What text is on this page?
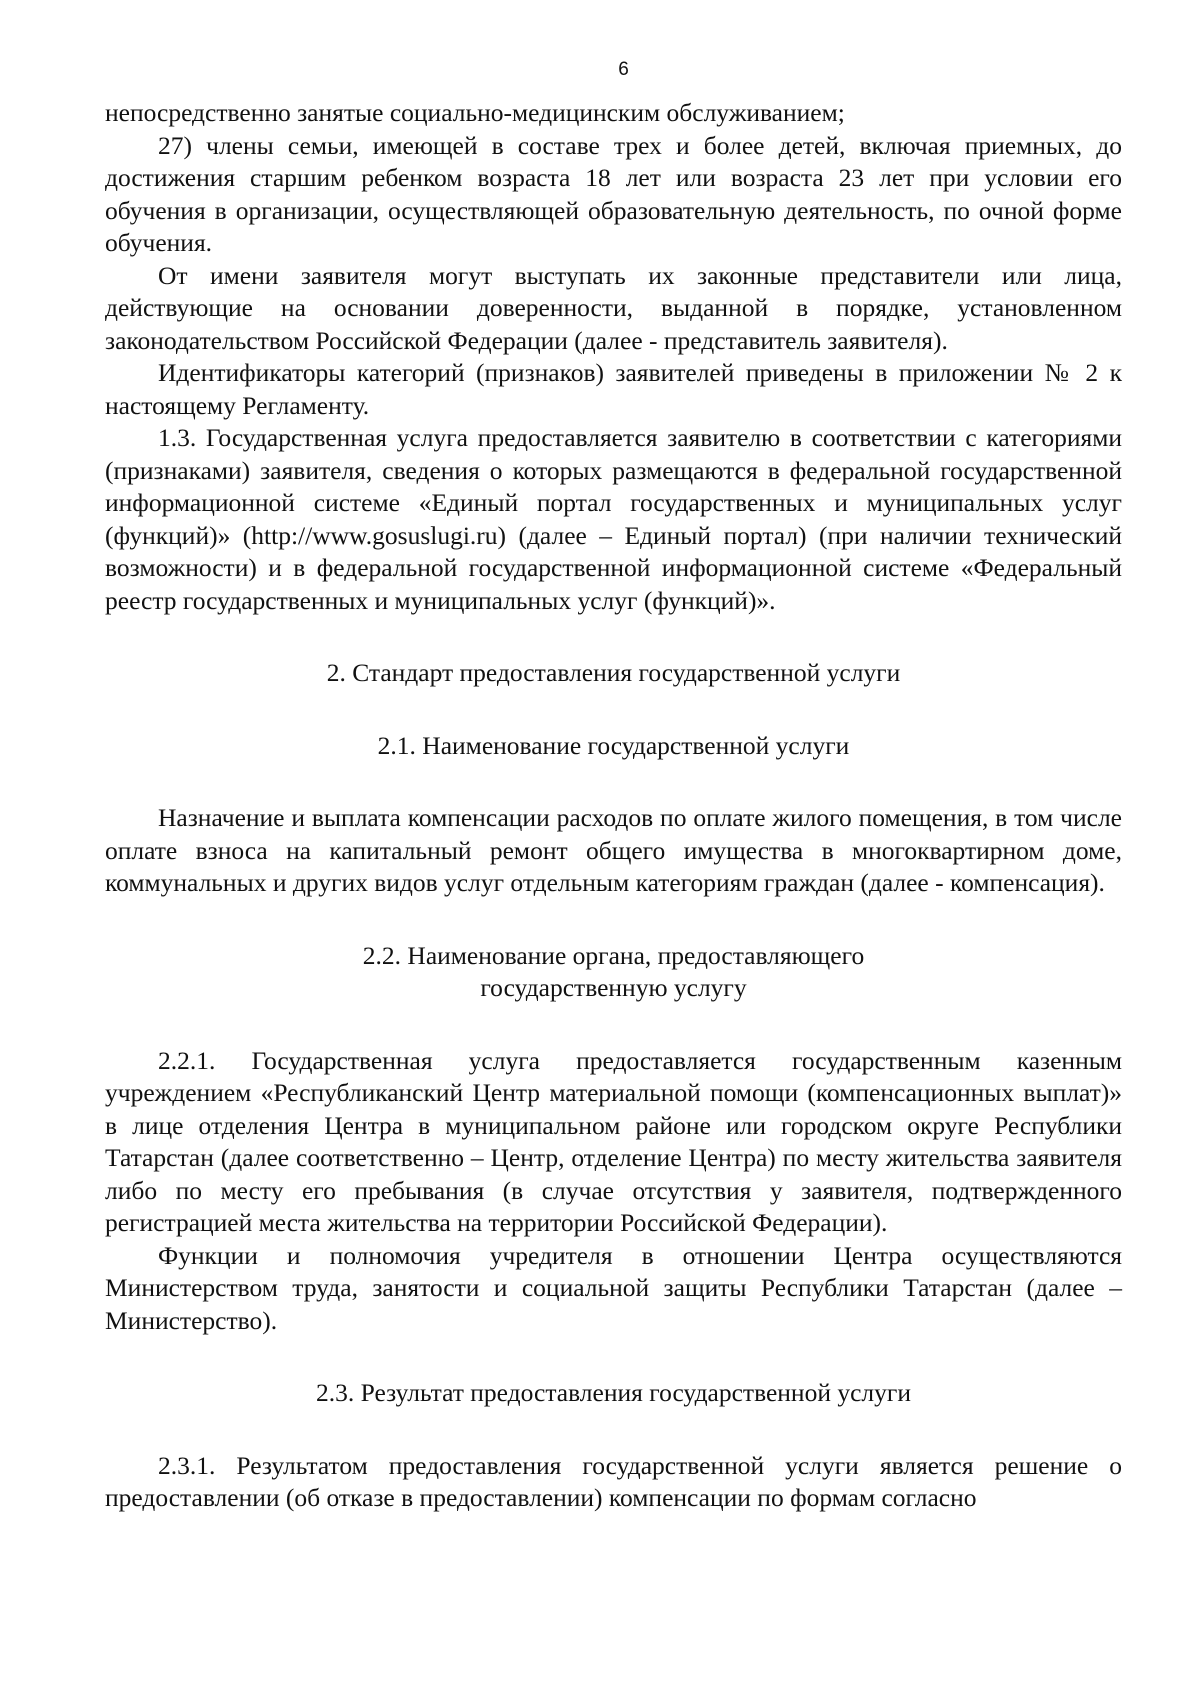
6

непосредственно занятые социально-медицинским обслуживанием;

27) члены семьи, имеющей в составе трех и более детей, включая приемных, до достижения старшим ребенком возраста 18 лет или возраста 23 лет при условии его обучения в организации, осуществляющей образовательную деятельность, по очной форме обучения.

От имени заявителя могут выступать их законные представители или лица, действующие на основании доверенности, выданной в порядке, установленном законодательством Российской Федерации (далее - представитель заявителя).

Идентификаторы категорий (признаков) заявителей приведены в приложении № 2 к настоящему Регламенту.

1.3. Государственная услуга предоставляется заявителю в соответствии с категориями (признаками) заявителя, сведения о которых размещаются в федеральной государственной информационной системе «Единый портал государственных и муниципальных услуг (функций)» (http://www.gosuslugi.ru) (далее – Единый портал) (при наличии технический возможности) и в федеральной государственной информационной системе «Федеральный реестр государственных и муниципальных услуг (функций)».

2. Стандарт предоставления государственной услуги
2.1. Наименование государственной услуги

Назначение и выплата компенсации расходов по оплате жилого помещения, в том числе оплате взноса на капитальный ремонт общего имущества в многоквартирном доме, коммунальных и других видов услуг отдельным категориям граждан (далее - компенсация).

2.2. Наименование органа, предоставляющего
государственную услугу

2.2.1. Государственная услуга предоставляется государственным казенным учреждением «Республиканский Центр материальной помощи (компенсационных выплат)» в лице отделения Центра в муниципальном районе или городском округе Республики Татарстан (далее соответственно – Центр, отделение Центра) по месту жительства заявителя либо по месту его пребывания (в случае отсутствия у заявителя, подтвержденного регистрацией места жительства на территории Российской Федерации).

Функции и полномочия учредителя в отношении Центра осуществляются Министерством труда, занятости и социальной защиты Республики Татарстан (далее – Министерство).

2.3. Результат предоставления государственной услуги

2.3.1. Результатом предоставления государственной услуги является решение о предоставлении (об отказе в предоставлении) компенсации по формам согласно
